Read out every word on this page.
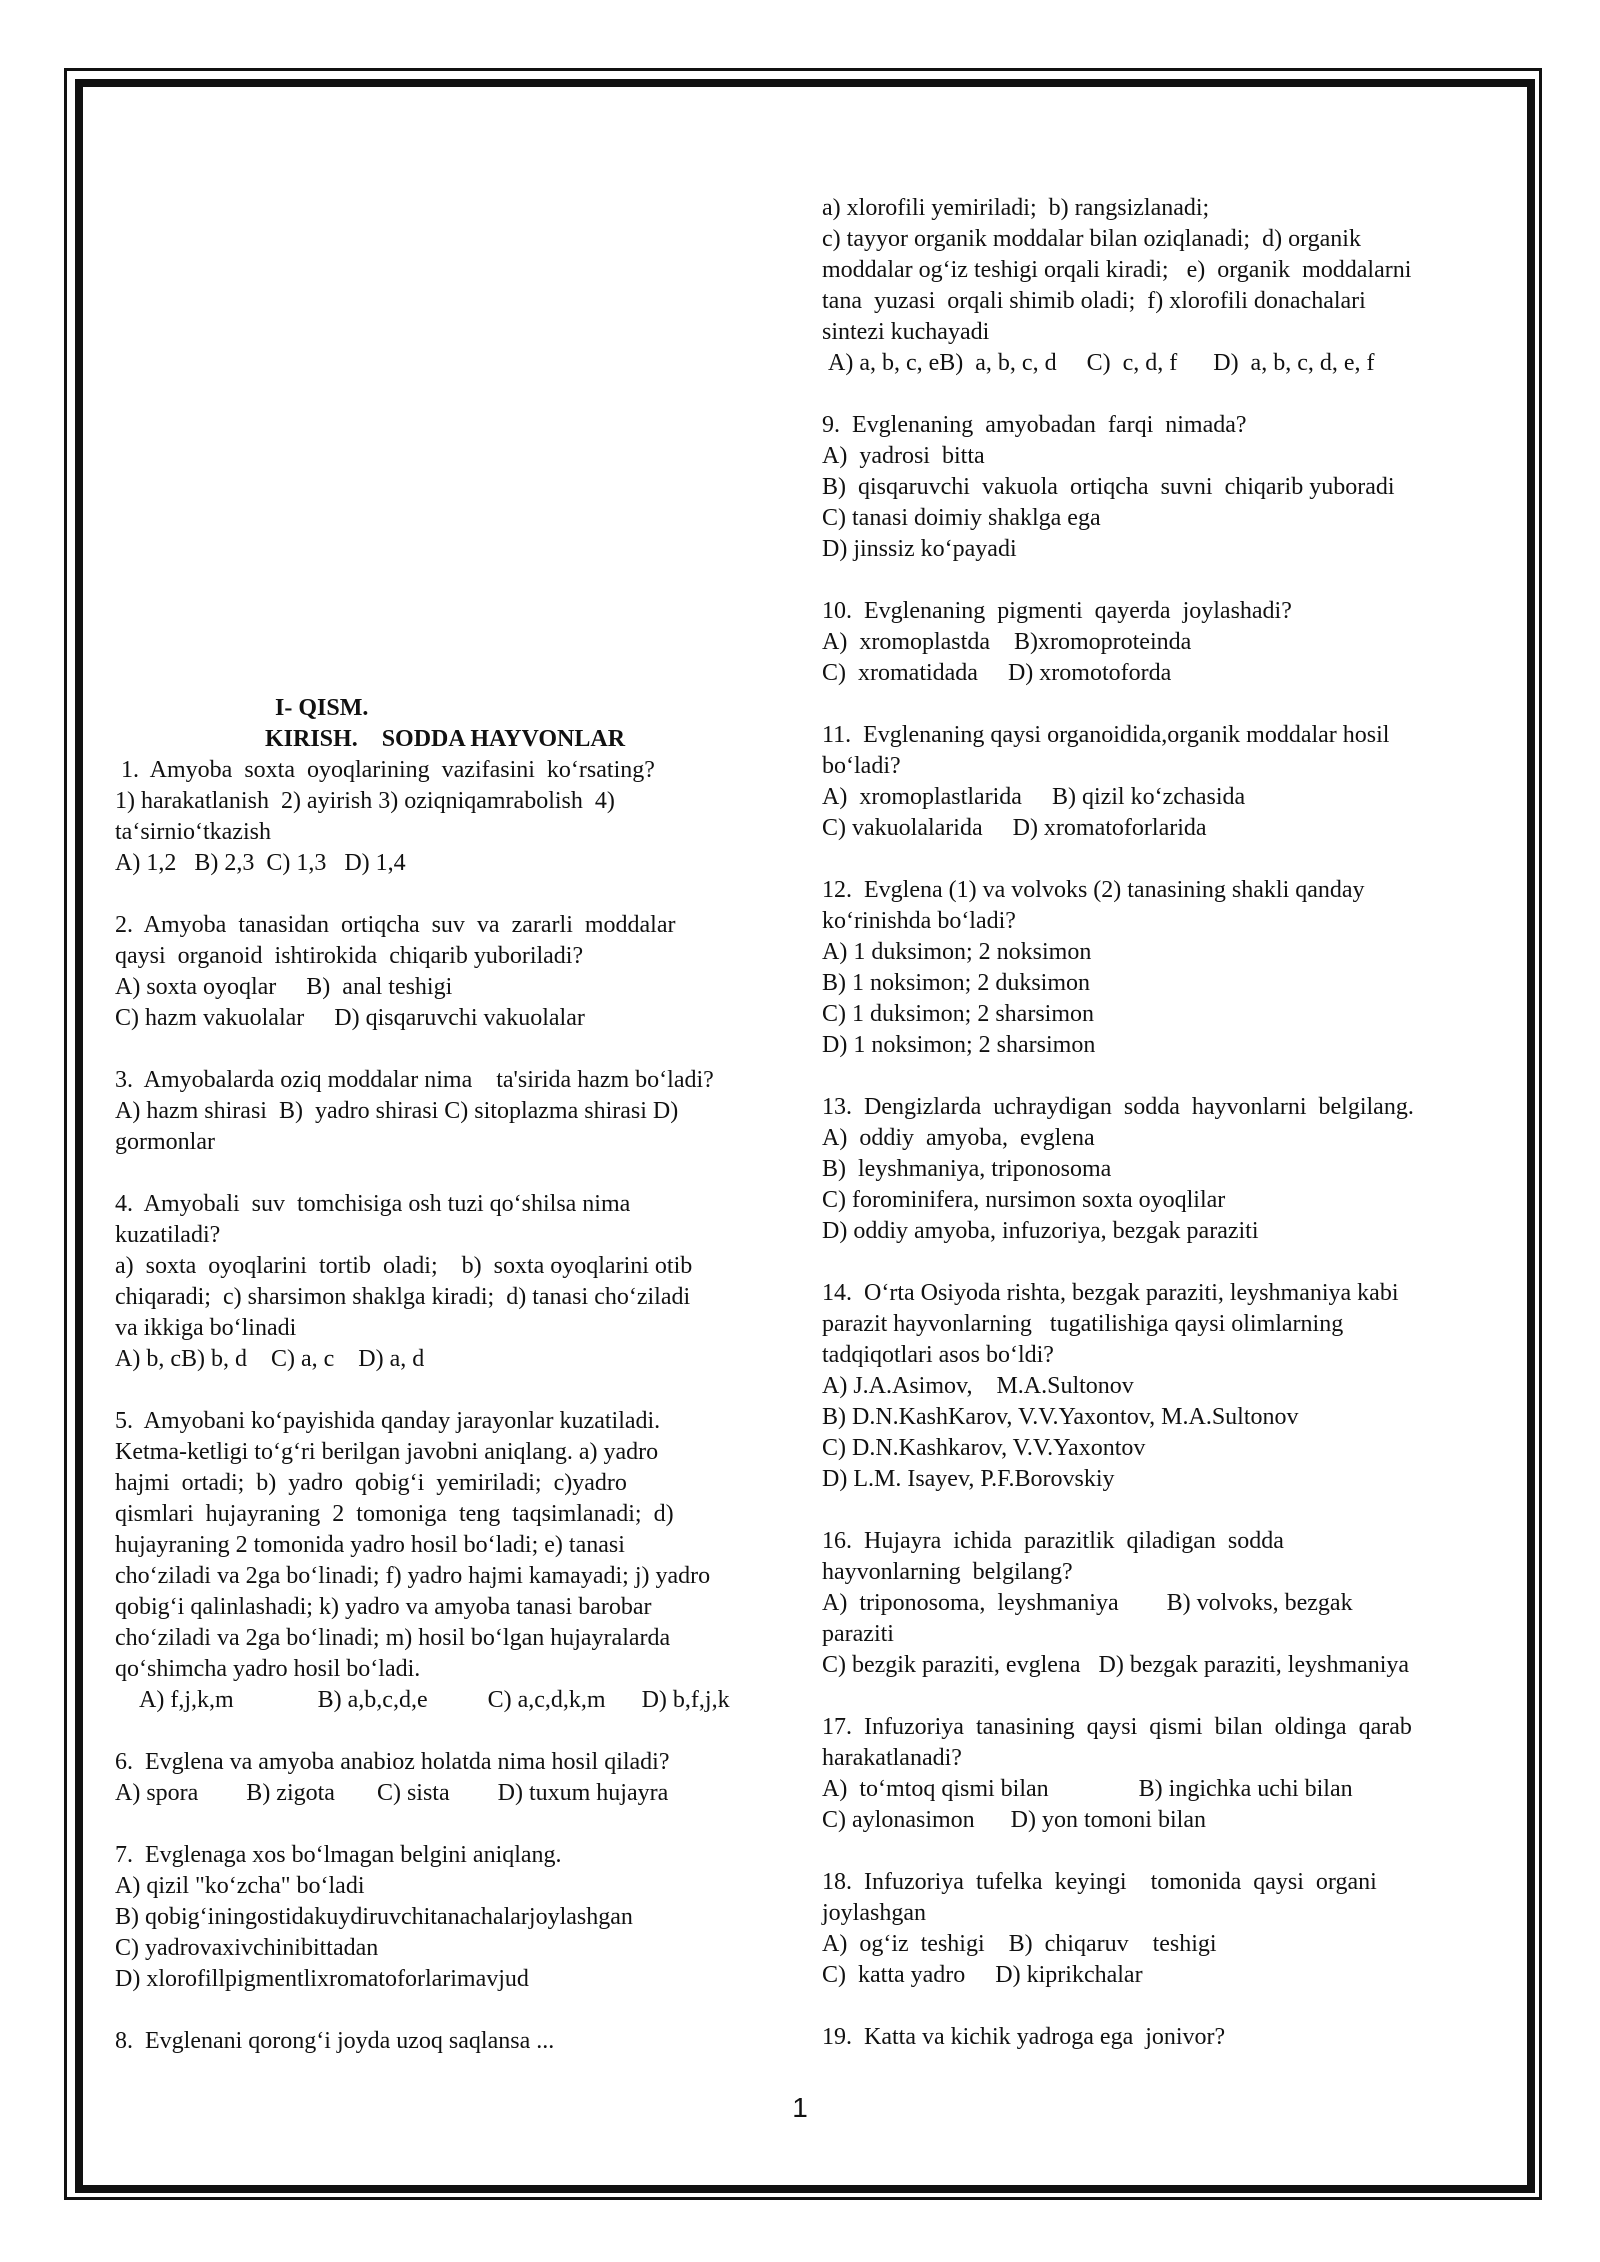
I- QISM.

KIRISH.    SODDA HAYVONLAR

1.  Amyoba  soxta  oyoqlarining  vazifasini  ko‘rsating?

1) harakatlanish  2) ayirish 3) oziqniqamrabolish  4)

ta‘sirnio‘tkazish

A) 1,2   B) 2,3  C) 1,3   D) 1,4

2.  Amyoba  tanasidan  ortiqcha  suv  va  zararli  moddalar

qaysi  organoid  ishtirokida  chiqarib yuboriladi?

A) soxta oyoqlar     B)  anal teshigi

C) hazm vakuolalar     D) qisqaruvchi vakuolalar

3.  Amyobalarda oziq moddalar nima    ta'sirida hazm bo‘ladi?

A) hazm shirasi  B)  yadro shirasi C) sitoplazma shirasi D)

gormonlar

4.  Amyobali  suv  tomchisiga osh tuzi qo‘shilsa nima

kuzatiladi?

a)  soxta  oyoqlarini  tortib  oladi;    b)  soxta oyoqlarini otib

chiqaradi;  c) sharsimon shaklga kiradi;  d) tanasi cho‘ziladi

va ikkiga bo‘linadi

A) b, cB) b, d    C) a, c    D) a, d

5.  Amyobani ko‘payishida qanday jarayonlar kuzatiladi.

Ketma-ketligi to‘g‘ri berilgan javobni aniqlang. a) yadro

hajmi  ortadi;  b)  yadro  qobig‘i  yemiriladi;  c)yadro

qismlari  hujayraning  2  tomoniga  teng  taqsimlanadi;  d)

hujayraning 2 tomonida yadro hosil bo‘ladi; e) tanasi

cho‘ziladi va 2ga bo‘linadi; f) yadro hajmi kamayadi; j) yadro

qobig‘i qalinlashadi; k) yadro va amyoba tanasi barobar

cho‘ziladi va 2ga bo‘linadi; m) hosil bo‘lgan hujayralarda

qo‘shimcha yadro hosil bo‘ladi.

A) f,j,k,m              B) a,b,c,d,e          C) a,c,d,k,m      D) b,f,j,k

6.  Evglena va amyoba anabioz holatda nima hosil qiladi?

A) spora        B) zigota       C) sista        D) tuxum hujayra

7.  Evglenaga xos bo‘lmagan belgini aniqlang.

A) qizil "ko‘zcha" bo‘ladi

B) qobig‘iningostidakuydiruvchitanachalarjoylashgan

C) yadrovaxivchinibittadan

D) xlorofillpigmentlixromatoforlarimavjud

8.  Evglenani qorong‘i joyda uzoq saqlansa ...

a) xlorofili yemiriladi;  b) rangsizlanadi;

c) tayyor organik moddalar bilan oziqlanadi;  d) organik

moddalar og‘iz teshigi orqali kiradi;   e)  organik  moddalarni

tana  yuzasi  orqali shimib oladi;  f) xlorofili donachalari

sintezi kuchayadi

A) a, b, c, eB)  a, b, c, d     C)  c, d, f      D)  a, b, c, d, e, f

9.  Evglenaning  amyobadan  farqi  nimada?

A)  yadrosi  bitta

B)  qisqaruvchi  vakuola  ortiqcha  suvni  chiqarib yuboradi

C) tanasi doimiy shaklga ega

D) jinssiz ko‘payadi

10.  Evglenaning  pigmenti  qayerda  joylashadi?

A)  xromoplastda    B)xromoproteinda

C)  xromatidada     D) xromotoforda

11.  Evglenaning qaysi organoidida,organik moddalar hosil

bo‘ladi?

A)  xromoplastlarida     B) qizil ko‘zchasida

C) vakuolalarida     D) xromatoforlarida

12.  Evglena (1) va volvoks (2) tanasining shakli qanday

ko‘rinishda bo‘ladi?

A) 1 duksimon; 2 noksimon

B) 1 noksimon; 2 duksimon

C) 1 duksimon; 2 sharsimon

D) 1 noksimon; 2 sharsimon

13.  Dengizlarda  uchraydigan  sodda  hayvonlarni  belgilang.

A)  oddiy  amyoba,  evglena

B)  leyshmaniya, triponosoma

C) forominifera, nursimon soxta oyoqlilar

D) oddiy amyoba, infuzoriya, bezgak paraziti

14.  O‘rta Osiyoda rishta, bezgak paraziti, leyshmaniya kabi

parazit hayvonlarning   tugatilishiga qaysi olimlarning

tadqiqotlari asos bo‘ldi?

A) J.A.Asimov,    M.A.Sultonov

B) D.N.KashKarov, V.V.Yaxontov, M.A.Sultonov

C) D.N.Kashkarov, V.V.Yaxontov

D) L.M. Isayev, P.F.Borovskiy

16.  Hujayra  ichida  parazitlik  qiladigan  sodda

hayvonlarning  belgilang?

A)  triponosoma,  leyshmaniya        B) volvoks, bezgak

paraziti

C) bezgik paraziti, evglena   D) bezgak paraziti, leyshmaniya

17.  Infuzoriya  tanasining  qaysi  qismi  bilan  oldinga  qarab

harakatlanadi?

A)  to‘mtoq qismi bilan               B) ingichka uchi bilan

C) aylonasimon      D) yon tomoni bilan

18.  Infuzoriya  tufelka  keyingi    tomonida  qaysi  organi

joylashgan

A)  og‘iz  teshigi    B)  chiqaruv    teshigi

C)  katta yadro     D) kiprikchalar

19.  Katta va kichik yadroga ega  jonivor?

1
